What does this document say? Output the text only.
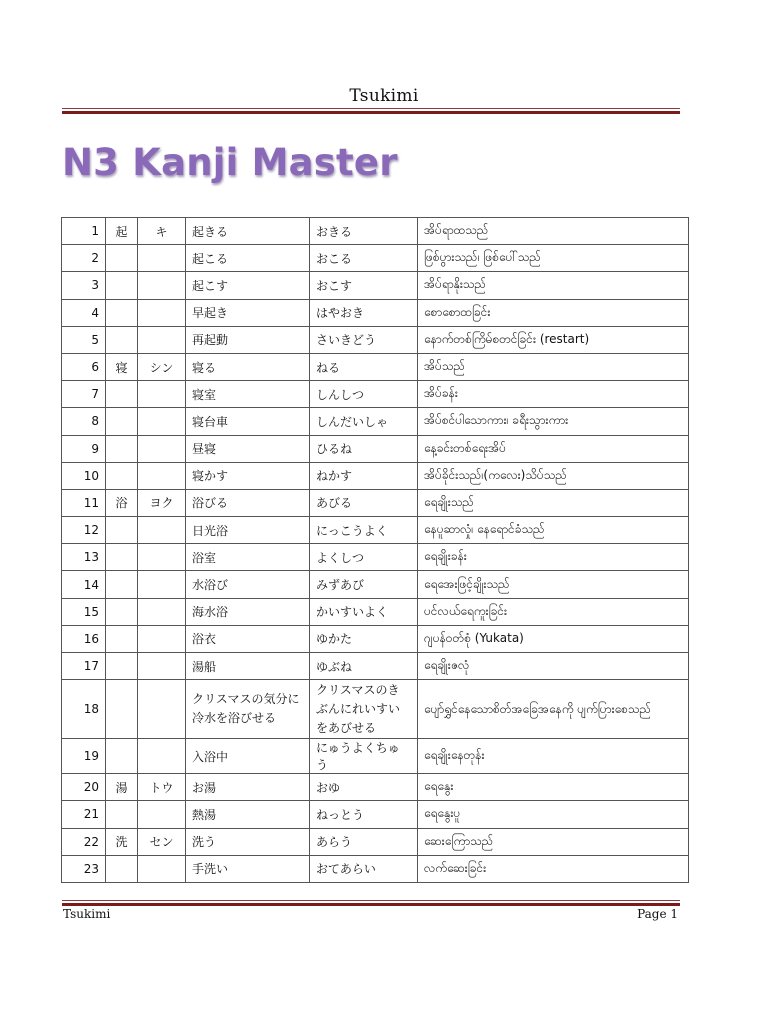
Tsukimi
N3 Kanji Master
1	起	キ	起きる	おきる	အိပ်ရာထသည်
2			起こる	おこる	ဖြစ်ပွားသည်၊ ဖြစ်ပေါ်သည်
3			起こす	おこす	အိပ်ရာနိုးသည်
4			早起き	はやおき	စောစောထခြင်း
5			再起動	さいきどう	နောက်တစ်ကြိမ်စတင်ခြင်း (restart)
6	寝	シン	寝る	ねる	အိပ်သည်
7			寝室	しんしつ	အိပ်ခန်း
8			寝台車	しんだいしゃ	အိပ်စင်ပါသောကား၊ ခရီးသွားကား
9			昼寝	ひるね	နေ့ခင်းတစ်ရေးအိပ်
10			寝かす	ねかす	အိပ်ခိုင်းသည်၊(ကလေး)သိပ်သည်
11	浴	ヨク	浴びる	あびる	ရေချိုးသည်
12			日光浴	にっこうよく	နေပူဆာလှုံ၊ နေရောင်ခံသည်
13			浴室	よくしつ	ရေချိုးခန်း
14			水浴び	みずあび	ရေအေးဖြင့်ချိုးသည်
15			海水浴	かいすいよく	ပင်လယ်ရေကူးခြင်း
16			浴衣	ゆかた	ဂျပန်ဝတ်စုံ (Yukata)
17			湯船	ゆぶね	ရေချိုးဇလုံ
18			クリスマスの気分に冷水を浴びせる	クリスマスのきぶんにれいすいをあびせる	ပျော်ရွှင်နေသောစိတ်အခြေအနေကို ပျက်ပြားစေသည်

19			入浴中	にゅうよくちゅう	ရေချိုးနေတုန်း
20	湯	トウ	お湯	おゆ	ရေနွေး
21			熱湯	ねっとう	ရေနွေးပူ
22	洗	セン	洗う	あらう	ဆေးကြောသည်
23			手洗い	おてあらい	လက်ဆေးခြင်း
Tsukimi	Page 1
